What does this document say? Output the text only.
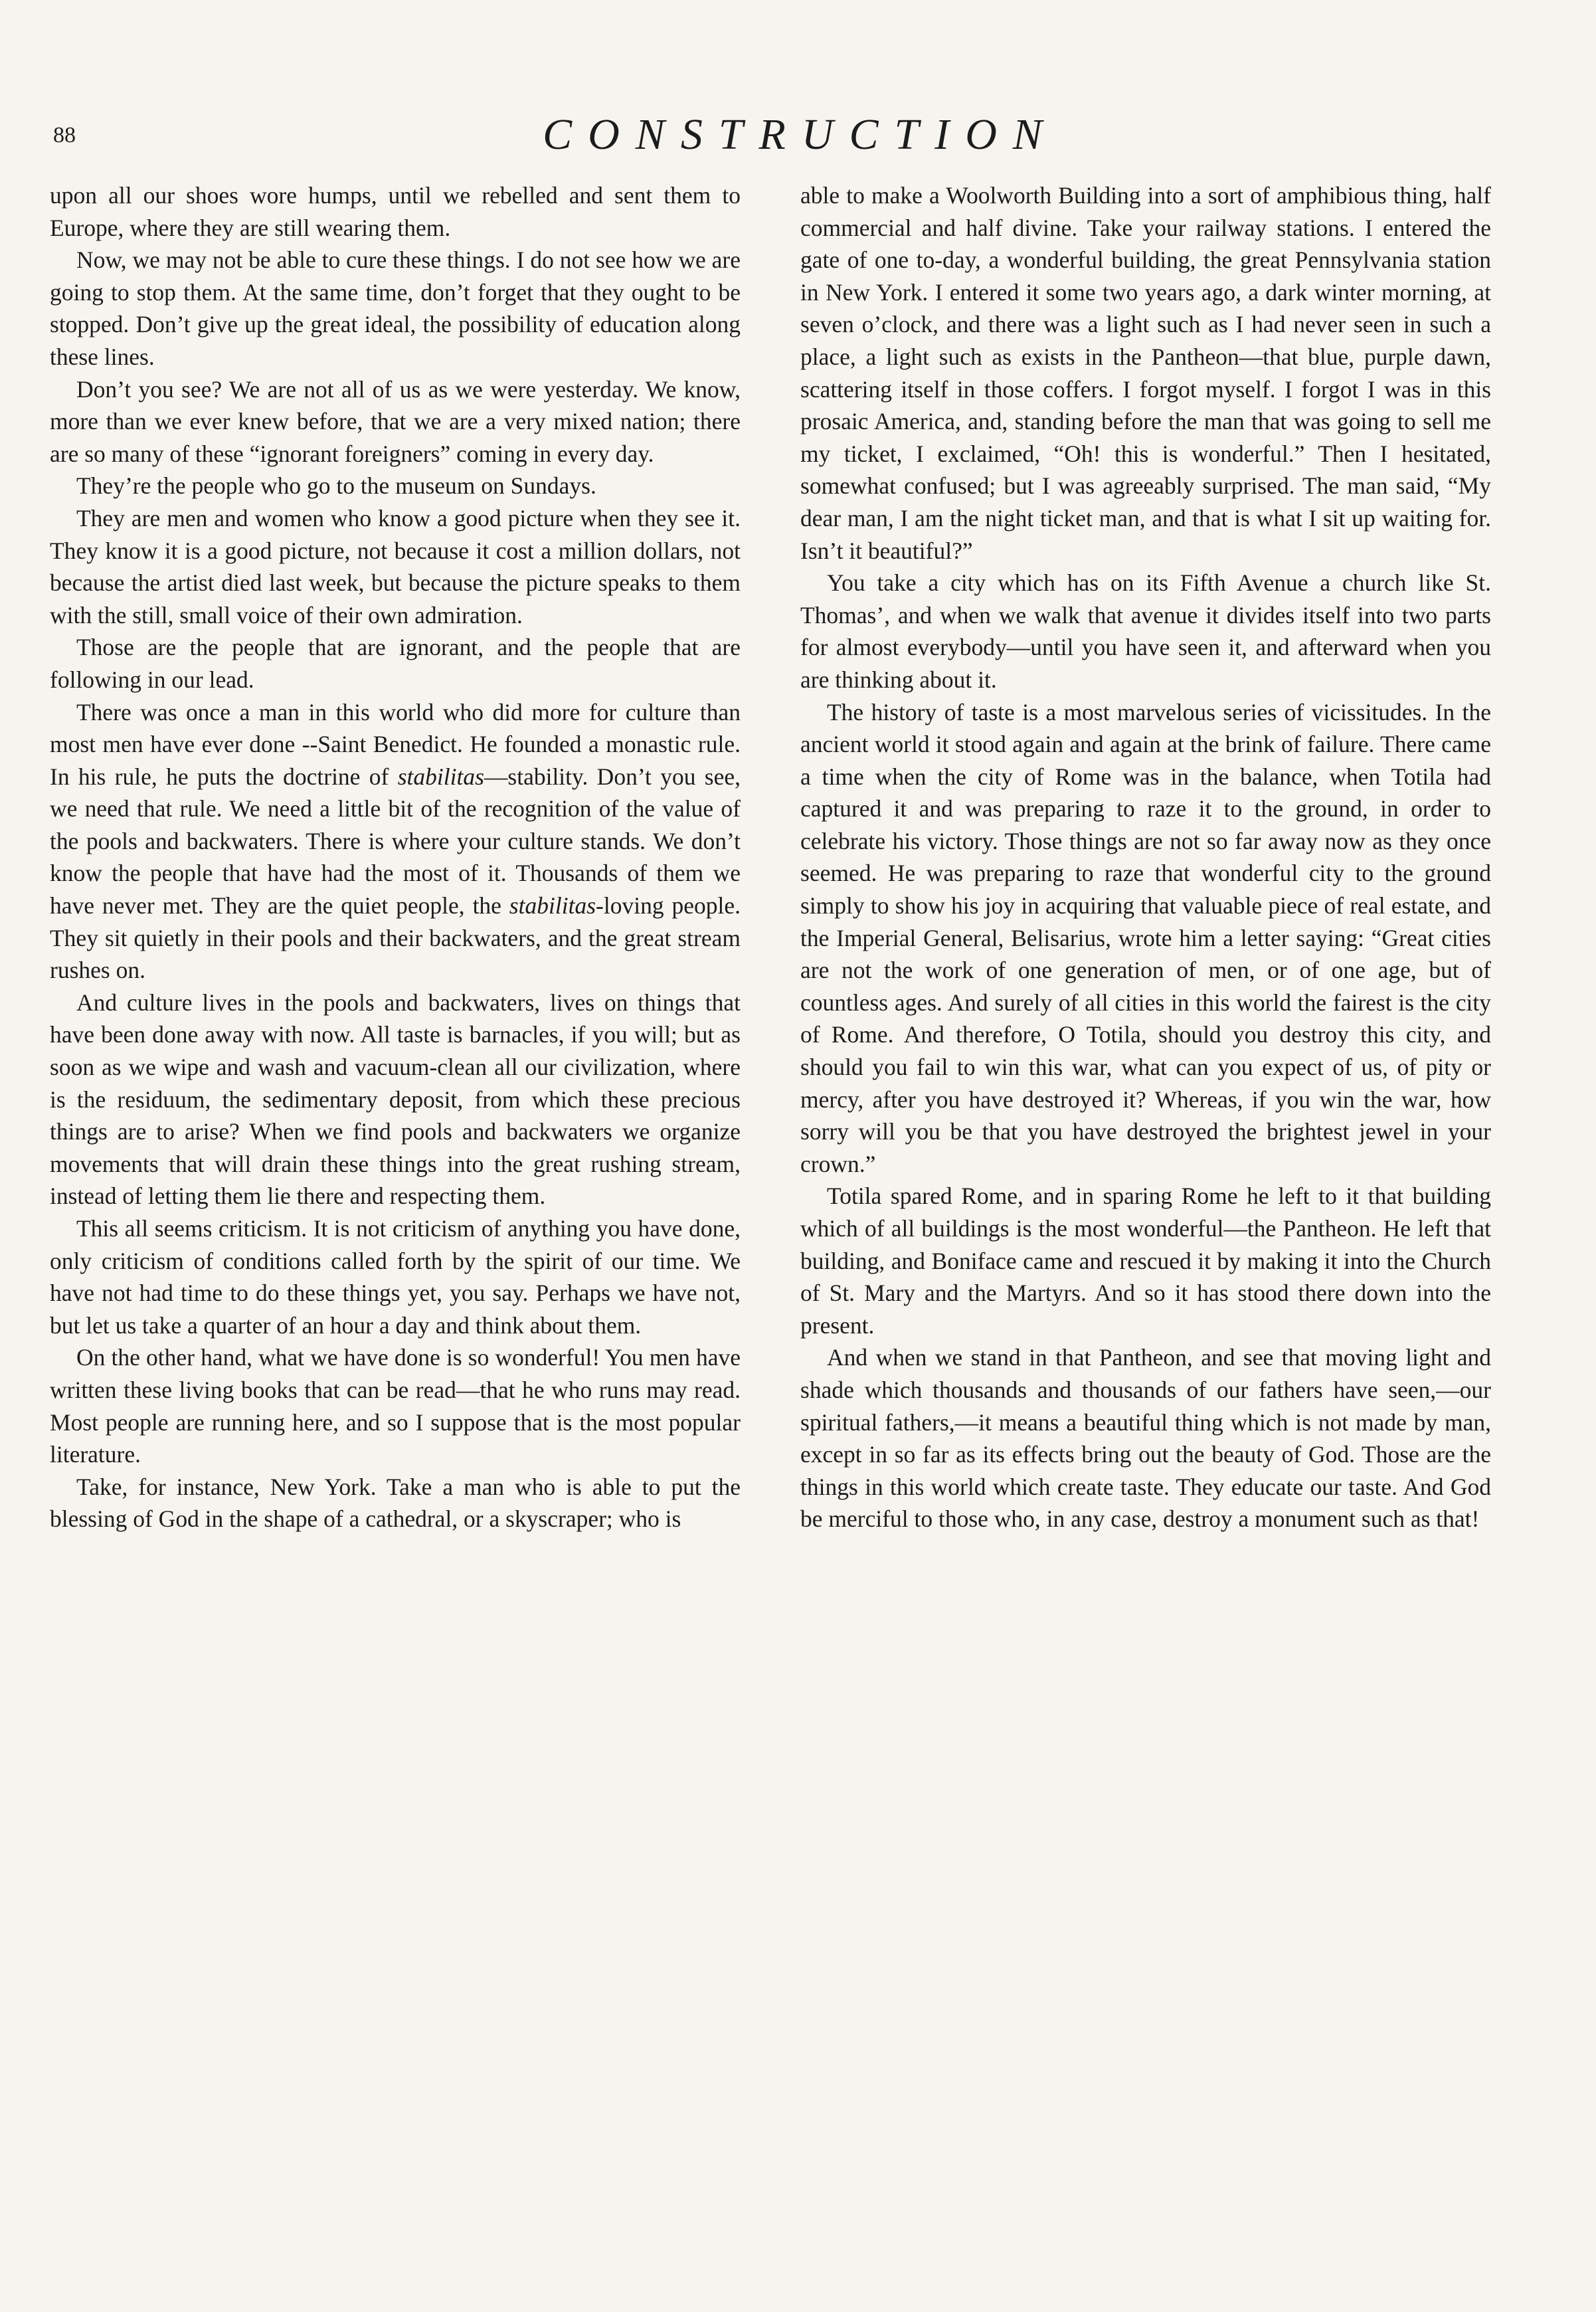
88	CONSTRUCTION

upon all our shoes wore humps, until we rebelled and sent them to Europe, where they are still wearing them.

Now, we may not be able to cure these things. I do not see how we are going to stop them. At the same time, don’t forget that they ought to be stopped. Don’t give up the great ideal, the possibility of education along these lines.

Don’t you see? We are not all of us as we were yesterday. We know, more than we ever knew before, that we are a very mixed nation; there are so many of these “ignorant foreigners” coming in every day.

They’re the people who go to the museum on Sundays.

They are men and women who know a good picture when they see it. They know it is a good picture, not because it cost a million dollars, not because the artist died last week, but because the picture speaks to them with the still, small voice of their own admiration.

Those are the people that are ignorant, and the people that are following in our lead.

There was once a man in this world who did more for culture than most men have ever done --Saint Benedict. He founded a monastic rule. In his rule, he puts the doctrine of stabilitas—stability. Don’t you see, we need that rule. We need a little bit of the recognition of the value of the pools and backwaters. There is where your culture stands. We don’t know the people that have had the most of it. Thousands of them we have never met. They are the quiet people, the stabilitas-loving people. They sit quietly in their pools and their backwaters, and the great stream rushes on.

And culture lives in the pools and backwaters, lives on things that have been done away with now. All taste is barnacles, if you will; but as soon as we wipe and wash and vacuum-clean all our civilization, where is the residuum, the sedimentary deposit, from which these precious things are to arise? When we find pools and backwaters we organize movements that will drain these things into the great rushing stream, instead of letting them lie there and respecting them.

This all seems criticism. It is not criticism of anything you have done, only criticism of conditions called forth by the spirit of our time. We have not had time to do these things yet, you say. Perhaps we have not, but let us take a quarter of an hour a day and think about them.

On the other hand, what we have done is so wonderful! You men have written these living books that can be read—that he who runs may read. Most people are running here, and so I suppose that is the most popular literature.

Take, for instance, New York. Take a man who is able to put the blessing of God in the shape of a cathedral, or a skyscraper; who is

able to make a Woolworth Building into a sort of amphibious thing, half commercial and half divine. Take your railway stations. I entered the gate of one to-day, a wonderful building, the great Pennsylvania station in New York. I entered it some two years ago, a dark winter morning, at seven o’clock, and there was a light such as I had never seen in such a place, a light such as exists in the Pantheon—that blue, purple dawn, scattering itself in those coffers. I forgot myself. I forgot I was in this prosaic America, and, standing before the man that was going to sell me my ticket, I exclaimed, “Oh! this is wonderful.” Then I hesitated, somewhat confused; but I was agreeably surprised. The man said, “My dear man, I am the night ticket man, and that is what I sit up waiting for. Isn’t it beautiful?”

You take a city which has on its Fifth Avenue a church like St. Thomas’, and when we walk that avenue it divides itself into two parts for almost everybody—until you have seen it, and afterward when you are thinking about it.

The history of taste is a most marvelous series of vicissitudes. In the ancient world it stood again and again at the brink of failure. There came a time when the city of Rome was in the balance, when Totila had captured it and was preparing to raze it to the ground, in order to celebrate his victory. Those things are not so far away now as they once seemed. He was preparing to raze that wonderful city to the ground simply to show his joy in acquiring that valuable piece of real estate, and the Imperial General, Belisarius, wrote him a letter saying: “Great cities are not the work of one generation of men, or of one age, but of countless ages. And surely of all cities in this world the fairest is the city of Rome. And therefore, O Totila, should you destroy this city, and should you fail to win this war, what can you expect of us, of pity or mercy, after you have destroyed it? Whereas, if you win the war, how sorry will you be that you have destroyed the brightest jewel in your crown.”

Totila spared Rome, and in sparing Rome he left to it that building which of all buildings is the most wonderful—the Pantheon. He left that building, and Boniface came and rescued it by making it into the Church of St. Mary and the Martyrs. And so it has stood there down into the present.

And when we stand in that Pantheon, and see that moving light and shade which thousands and thousands of our fathers have seen,—our spiritual fathers,—it means a beautiful thing which is not made by man, except in so far as its effects bring out the beauty of God. Those are the things in this world which create taste. They educate our taste. And God be merciful to those who, in any case, destroy a monument such as that!
